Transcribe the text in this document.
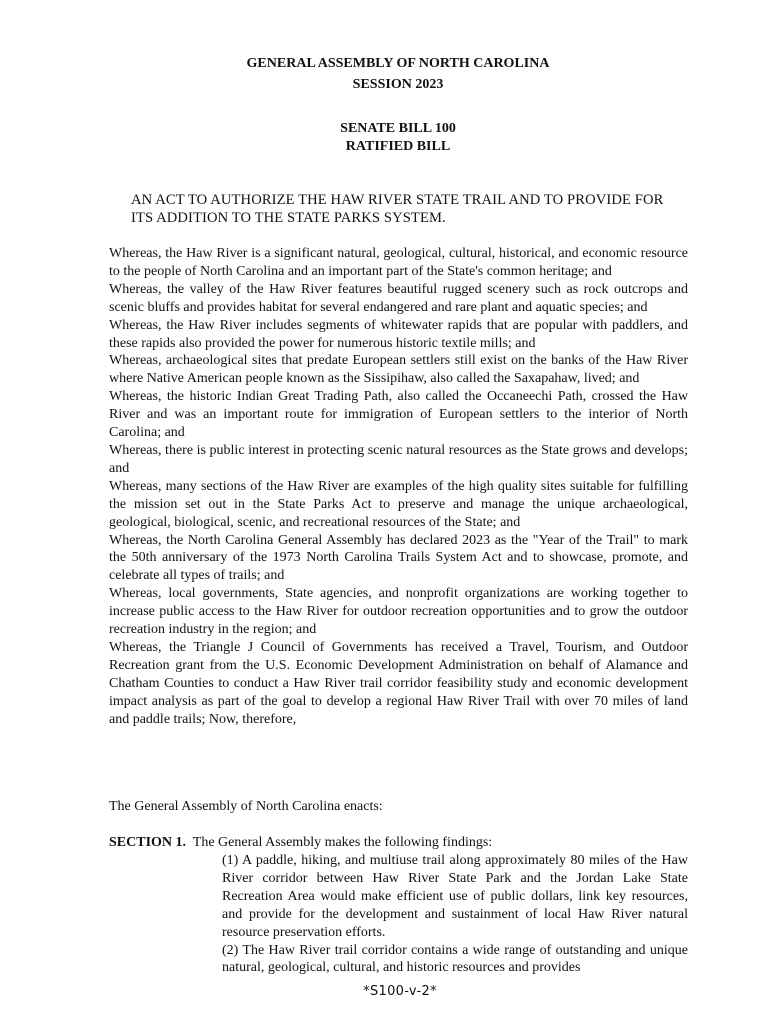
GENERAL ASSEMBLY OF NORTH CAROLINA
SESSION 2023
SENATE BILL 100
RATIFIED BILL
AN ACT TO AUTHORIZE THE HAW RIVER STATE TRAIL AND TO PROVIDE FOR
ITS ADDITION TO THE STATE PARKS SYSTEM.

Whereas, the Haw River is a significant natural, geological, cultural, historical, and economic resource to the people of North Carolina and an important part of the State's common heritage; and

Whereas, the valley of the Haw River features beautiful rugged scenery such as rock outcrops and scenic bluffs and provides habitat for several endangered and rare plant and aquatic species; and

Whereas, the Haw River includes segments of whitewater rapids that are popular with paddlers, and these rapids also provided the power for numerous historic textile mills; and

Whereas, archaeological sites that predate European settlers still exist on the banks of the Haw River where Native American people known as the Sissipihaw, also called the Saxapahaw, lived; and

Whereas, the historic Indian Great Trading Path, also called the Occaneechi Path, crossed the Haw River and was an important route for immigration of European settlers to the interior of North Carolina; and

Whereas, there is public interest in protecting scenic natural resources as the State grows and develops; and

Whereas, many sections of the Haw River are examples of the high quality sites suitable for fulfilling the mission set out in the State Parks Act to preserve and manage the unique archaeological, geological, biological, scenic, and recreational resources of the State; and

Whereas, the North Carolina General Assembly has declared 2023 as the "Year of the Trail" to mark the 50th anniversary of the 1973 North Carolina Trails System Act and to showcase, promote, and celebrate all types of trails; and

Whereas, local governments, State agencies, and nonprofit organizations are working together to increase public access to the Haw River for outdoor recreation opportunities and to grow the outdoor recreation industry in the region; and

Whereas, the Triangle J Council of Governments has received a Travel, Tourism, and Outdoor Recreation grant from the U.S. Economic Development Administration on behalf of Alamance and Chatham Counties to conduct a Haw River trail corridor feasibility study and economic development impact analysis as part of the goal to develop a regional Haw River Trail with over 70 miles of land and paddle trails; Now, therefore,

The General Assembly of North Carolina enacts:
SECTION 1. The General Assembly makes the following findings:

(1) A paddle, hiking, and multiuse trail along approximately 80 miles of the Haw River corridor between Haw River State Park and the Jordan Lake State Recreation Area would make efficient use of public dollars, link key resources, and provide for the development and sustainment of local Haw River natural resource preservation efforts.

(2) The Haw River trail corridor contains a wide range of outstanding and unique natural, geological, cultural, and historic resources and provides

*S100-v-2*
